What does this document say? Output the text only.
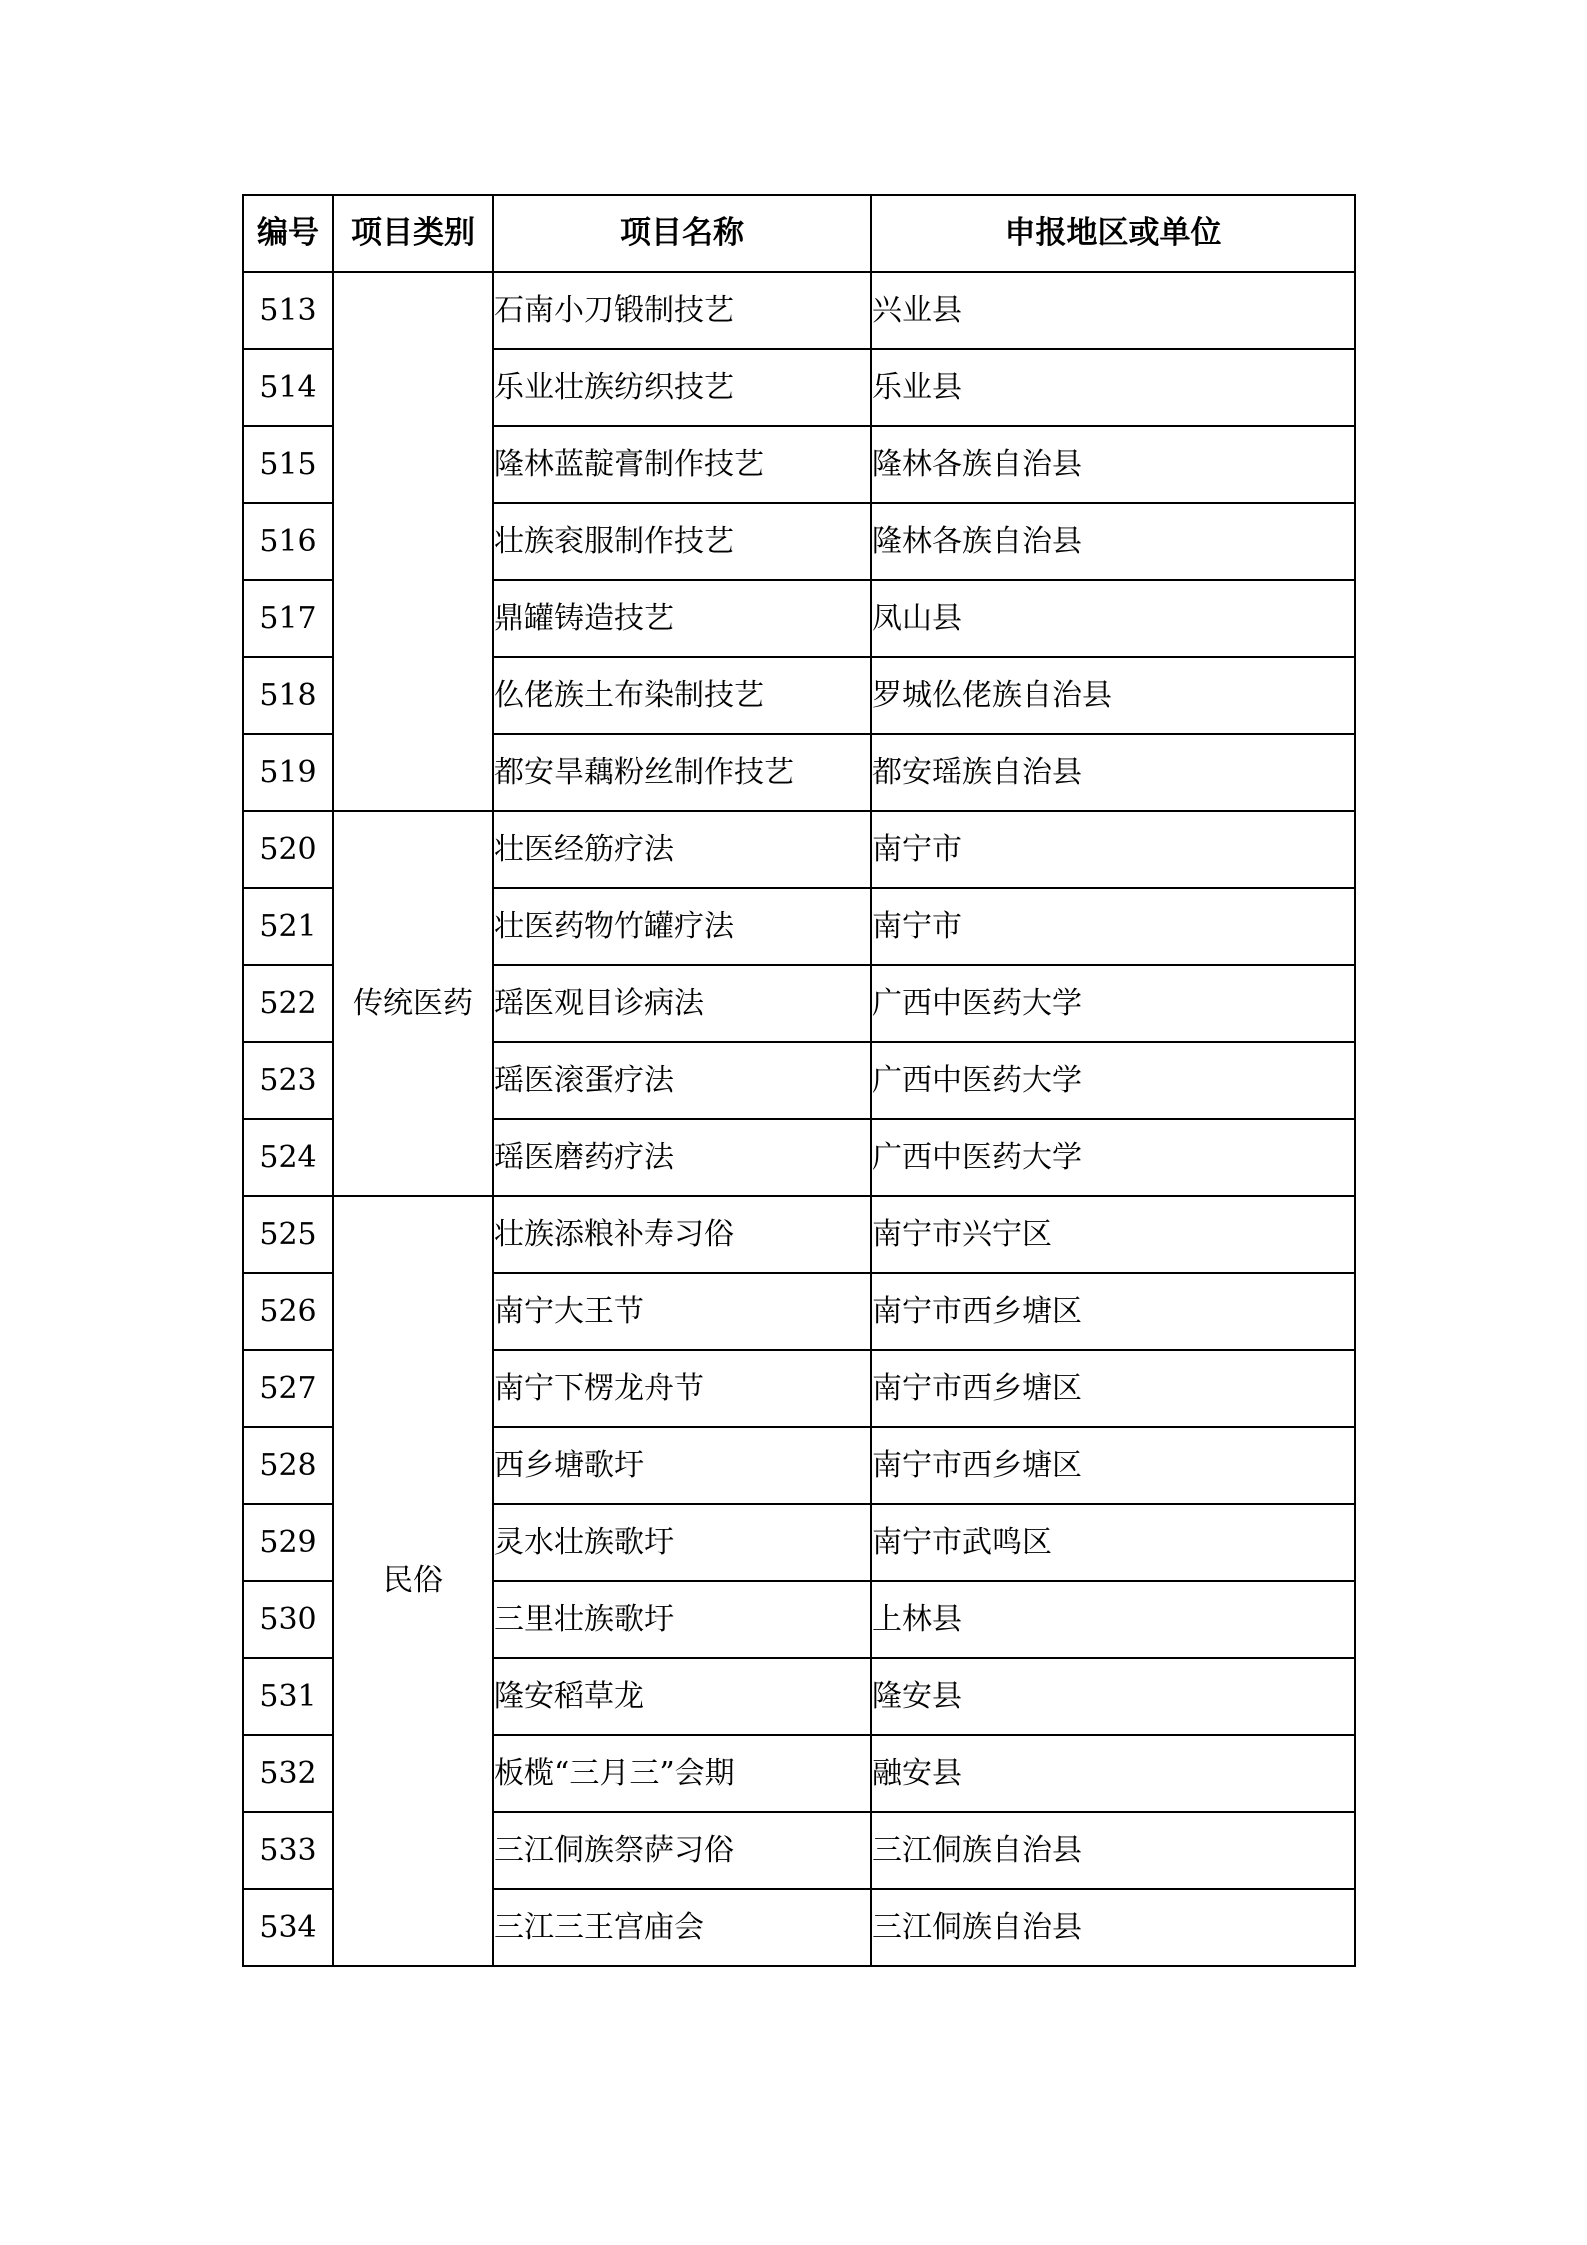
编号	项目类别	项目名称	申报地区或单位
513		石南小刀锻制技艺	兴业县
514		乐业壮族纺织技艺	乐业县
515		隆林蓝靛膏制作技艺	隆林各族自治县
516		壮族衮服制作技艺	隆林各族自治县
517		鼎罐铸造技艺	凤山县
518		仫佬族土布染制技艺	罗城仫佬族自治县
519		都安旱藕粉丝制作技艺	都安瑶族自治县
520	传统医药	壮医经筋疗法	南宁市
521		壮医药物竹罐疗法	南宁市
522		瑶医观目诊病法	广西中医药大学
523		瑶医滚蛋疗法	广西中医药大学
524		瑶医磨药疗法	广西中医药大学
525	民俗	壮族添粮补寿习俗	南宁市兴宁区
526		南宁大王节	南宁市西乡塘区
527		南宁下楞龙舟节	南宁市西乡塘区
528		西乡塘歌圩	南宁市西乡塘区
529		灵水壮族歌圩	南宁市武鸣区
530		三里壮族歌圩	上林县
531		隆安稻草龙	隆安县
532		板榄“三月三”会期	融安县
533		三江侗族祭萨习俗	三江侗族自治县
534		三江三王宫庙会	三江侗族自治县
